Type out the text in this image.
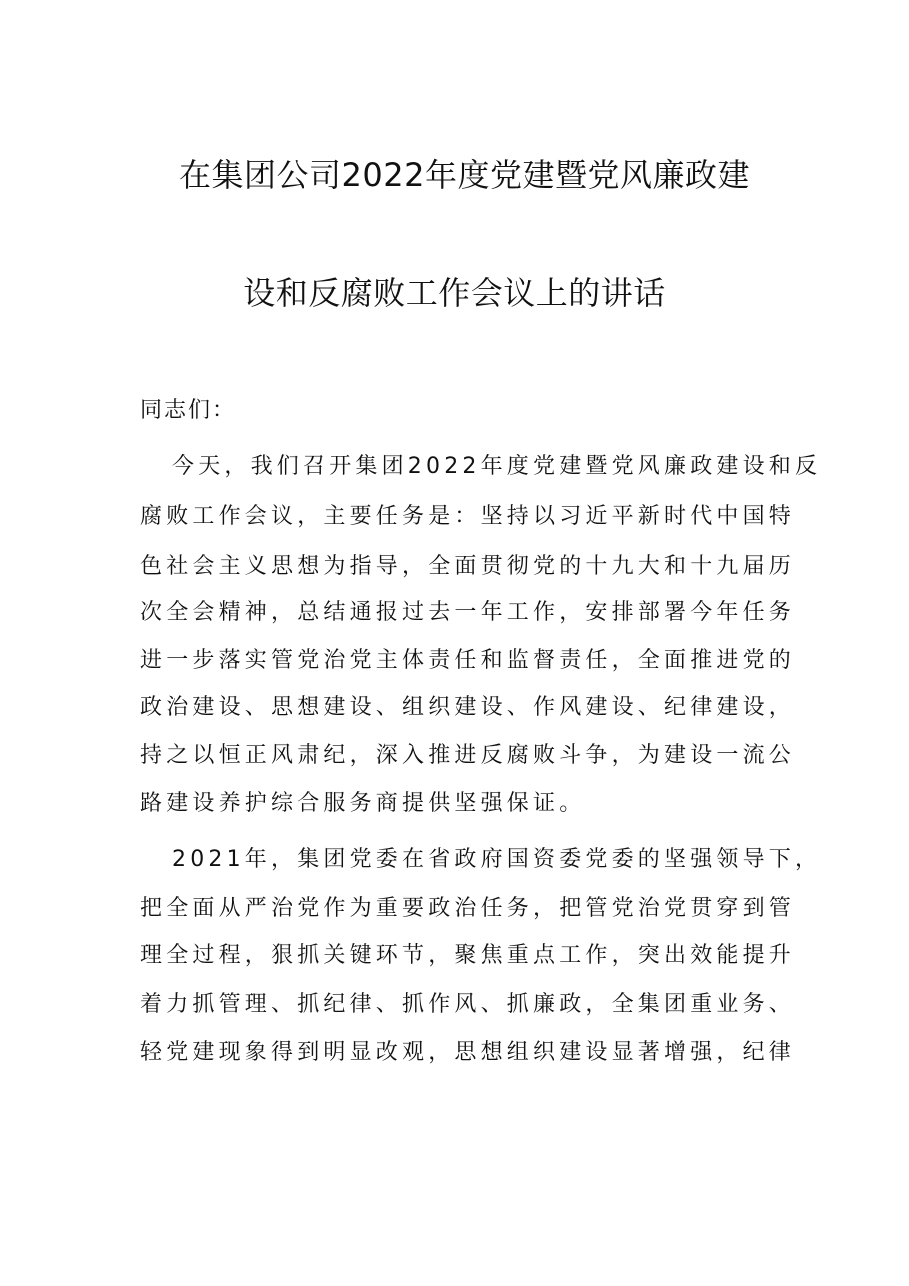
在集团公司2022年度党建暨党风廉政建
设和反腐败工作会议上的讲话
同志们：
今天，我们召开集团2022年度党建暨党风廉政建设和反
腐败工作会议，主要任务是：坚持以习近平新时代中国特
色社会主义思想为指导，全面贯彻党的十九大和十九届历
次全会精神，总结通报过去一年工作，安排部署今年任务
进一步落实管党治党主体责任和监督责任，全面推进党的
政治建设、思想建设、组织建设、作风建设、纪律建设，
持之以恒正风肃纪，深入推进反腐败斗争，为建设一流公
路建设养护综合服务商提供坚强保证。
2021年，集团党委在省政府国资委党委的坚强领导下，
把全面从严治党作为重要政治任务，把管党治党贯穿到管
理全过程，狠抓关键环节，聚焦重点工作，突出效能提升
着力抓管理、抓纪律、抓作风、抓廉政，全集团重业务、
轻党建现象得到明显改观，思想组织建设显著增强，纪律
